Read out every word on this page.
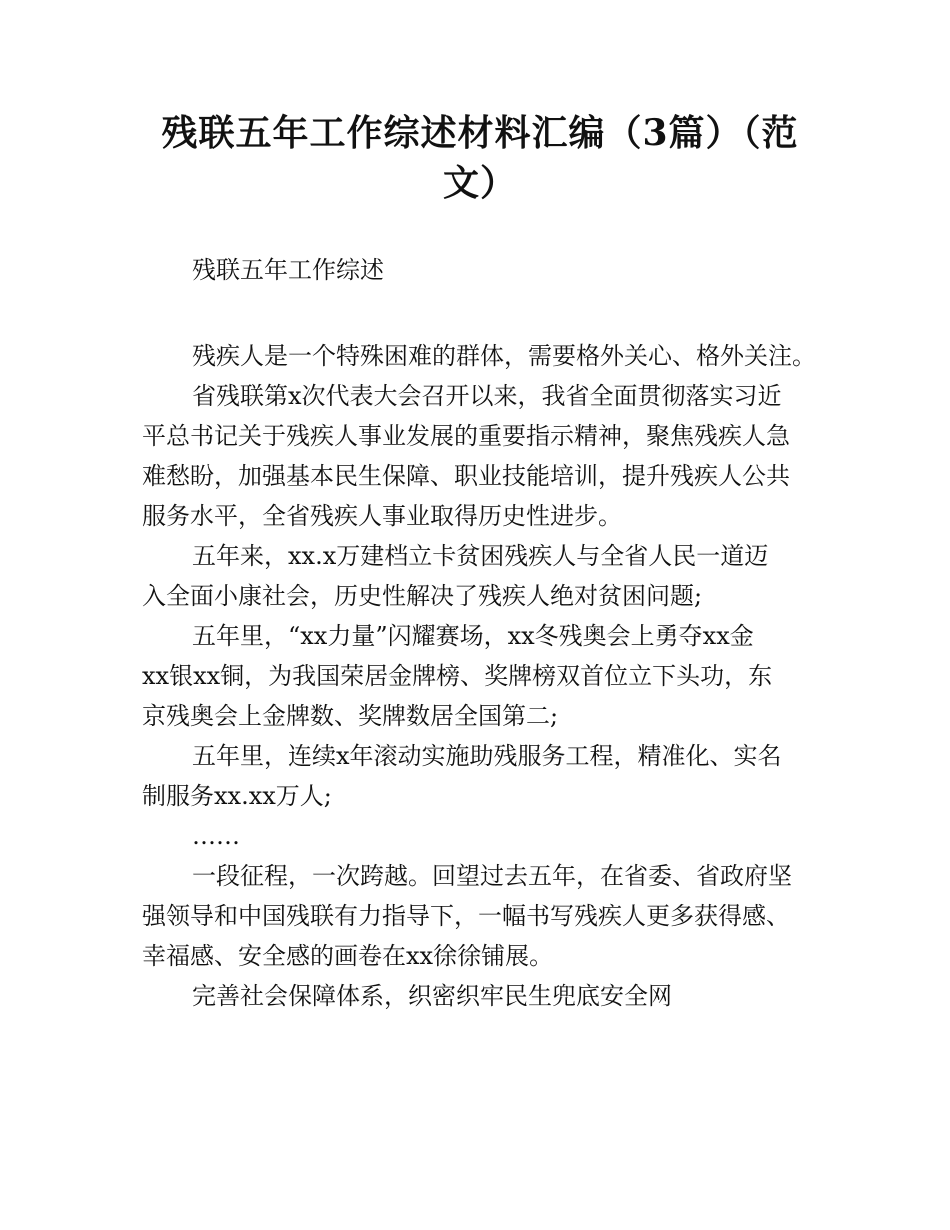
残联五年工作综述材料汇编（3篇）（范
文）
残联五年工作综述
残疾人是一个特殊困难的群体，需要格外关心、格外关注。
省残联第x次代表大会召开以来，我省全面贯彻落实习近
平总书记关于残疾人事业发展的重要指示精神，聚焦残疾人急
难愁盼，加强基本民生保障、职业技能培训，提升残疾人公共
服务水平，全省残疾人事业取得历史性进步。
五年来，xx.x万建档立卡贫困残疾人与全省人民一道迈
入全面小康社会，历史性解决了残疾人绝对贫困问题;
五年里，“xx力量”闪耀赛场，xx冬残奥会上勇夺xx金
xx银xx铜，为我国荣居金牌榜、奖牌榜双首位立下头功，东
京残奥会上金牌数、奖牌数居全国第二;
五年里，连续x年滚动实施助残服务工程，精准化、实名
制服务xx.xx万人;
……
一段征程，一次跨越。回望过去五年，在省委、省政府坚
强领导和中国残联有力指导下，一幅书写残疾人更多获得感、
幸福感、安全感的画卷在xx徐徐铺展。
完善社会保障体系，织密织牢民生兜底安全网
